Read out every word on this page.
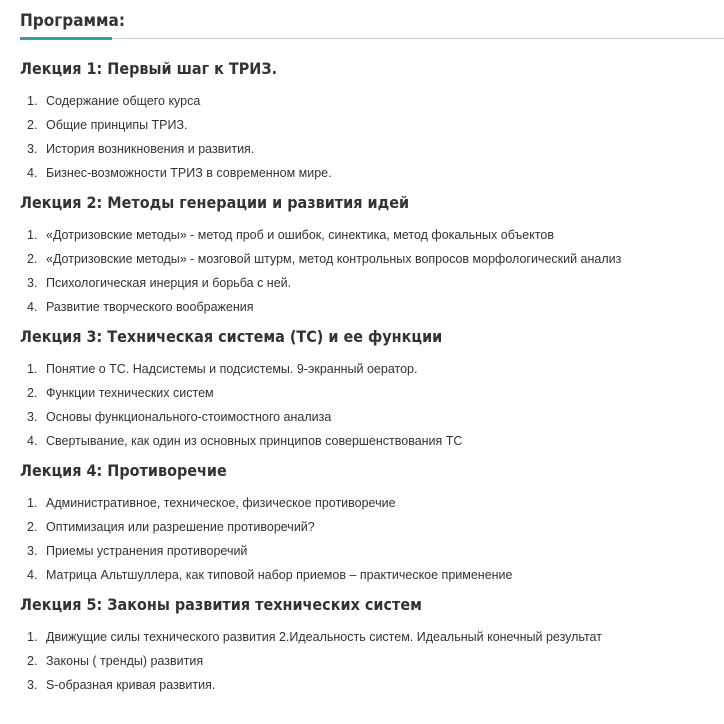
Программа:
Лекция 1: Первый шаг к ТРИЗ.
1. Содержание общего курса
2. Общие принципы ТРИЗ.
3. История возникновения и развития.
4. Бизнес-возможности ТРИЗ в современном мире.
Лекция 2: Методы генерации и развития идей
1. «Дотризовские методы» - метод проб и ошибок, синектика, метод фокальных объектов
2. «Дотризовские методы» - мозговой штурм, метод контрольных вопросов морфологический анализ
3. Психологическая инерция и борьба с ней.
4. Развитие творческого воображения
Лекция 3: Техническая система (ТС) и ее функции
1. Понятие о ТС. Надсистемы и подсистемы. 9-экранный оератор.
2. Функции технических систем
3. Основы функционального-стоимостного анализа
4. Свертывание, как один из основных принципов совершенствования ТС
Лекция 4: Противоречие
1. Административное, техническое, физическое противоречие
2. Оптимизация или разрешение противоречий?
3. Приемы устранения противоречий
4. Матрица Альтшуллера, как типовой набор приемов – практическое применение
Лекция 5: Законы развития технических систем
1. Движущие силы технического развития 2.Идеальность систем. Идеальный конечный результат
2. Законы ( тренды) развития
3. S-образная кривая развития.
